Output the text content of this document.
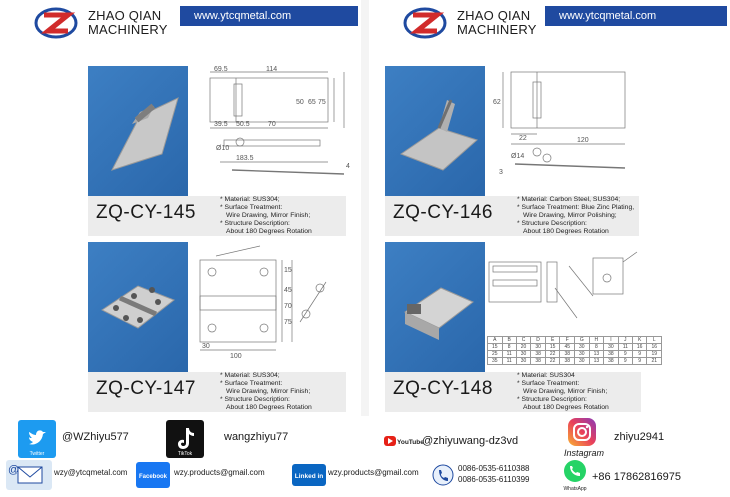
ZHAO QIAN
MACHINERY
www.ytcqmetal.com
69.5	114
50 65 75
39.5 50.5	70
Ø10
183.5
4
ZQ-CY-145
* Material: SUS304;
* Surface Treatment:
Wire Drawing, Mirror Finish;
* Structure Description:
About 180 Degrees Rotation
15
45
70
75
100
30
ZQ-CY-147
* Material: SUS304;
* Surface Treatment:
Wire Drawing, Mirror Finish;
* Structure Description:
About 180 Degrees Rotation
ZHAO QIAN
MACHINERY
www.ytcqmetal.com
62
22	120
Ø14
3
ZQ-CY-146
* Material: Carbon Steel, SUS304;
* Surface Treatment: Blue Zinc Plating,
Wire Drawing, Mirror Polishing;
* Structure Description:
About 180 Degrees Rotation
A	B	C	D	E	F	G	H	I	J	K	L
15	8	20	30	15	45	30	8	30	11	16	16
25	11	30	38	22	38	30	13	38	9	9	19
35	11	30	38	22	38	30	13	38	9	9	21
ZQ-CY-148
* Material: SUS304
* Surface Treatment:
Wire Drawing, Mirror Finish;
* Structure Description:
About 180 Degrees Rotation
Twitter
@WZhiyu577
TikTok
wangzhiyu77	YouTube
@zhiyuwang-dz3vd
Instagram
zhiyu2941
@	wzy@ytcqmetal.com Facebook wzy.products@gmail.com	Linked in wzy.products@gmail.com	0086-0535-6110388
0086-0535-6110399
WhatsApp
+86 17862816975
